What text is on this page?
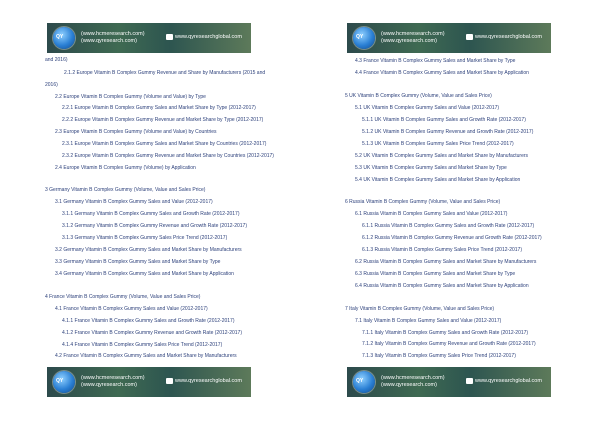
QY	(www.hcmeresearch.com)
(www.qyresearch.com)
www.qyresearchglobal.com
and 2016)
2.1.2 Europe Vitamin B Complex Gummy Revenue and Share by Manufacturers (2015 and
2016)
2.2 Europe Vitamin B Complex Gummy (Volume and Value) by Type
2.2.1 Europe Vitamin B Complex Gummy Sales and Market Share by Type (2012-2017)
2.2.2 Europe Vitamin B Complex Gummy Revenue and Market Share by Type (2012-2017)
2.3 Europe Vitamin B Complex Gummy (Volume and Value) by Countries
2.3.1 Europe Vitamin B Complex Gummy Sales and Market Share by Countries (2012-2017)
2.3.2 Europe Vitamin B Complex Gummy Revenue and Market Share by Countries (2012-2017)
2.4 Europe Vitamin B Complex Gummy (Volume) by Application
3 Germany Vitamin B Complex Gummy (Volume, Value and Sales Price)
3.1 Germany Vitamin B Complex Gummy Sales and Value (2012-2017)
3.1.1 Germany Vitamin B Complex Gummy Sales and Growth Rate (2012-2017)
3.1.2 Germany Vitamin B Complex Gummy Revenue and Growth Rate (2012-2017)
3.1.3 Germany Vitamin B Complex Gummy Sales Price Trend (2012-2017)
3.2 Germany Vitamin B Complex Gummy Sales and Market Share by Manufacturers
3.3 Germany Vitamin B Complex Gummy Sales and Market Share by Type
3.4 Germany Vitamin B Complex Gummy Sales and Market Share by Application
4 France Vitamin B Complex Gummy (Volume, Value and Sales Price)
4.1 France Vitamin B Complex Gummy Sales and Value (2012-2017)
4.1.1 France Vitamin B Complex Gummy Sales and Growth Rate (2012-2017)
4.1.2 France Vitamin B Complex Gummy Revenue and Growth Rate (2012-2017)
4.1.4 France Vitamin B Complex Gummy Sales Price Trend (2012-2017)
4.2 France Vitamin B Complex Gummy Sales and Market Share by Manufacturers
QY	(www.hcmeresearch.com)
(www.qyresearch.com)
www.qyresearchglobal.com
QY	(www.hcmeresearch.com)
(www.qyresearch.com)
www.qyresearchglobal.com
4.3 France Vitamin B Complex Gummy Sales and Market Share by Type
4.4 France Vitamin B Complex Gummy Sales and Market Share by Application
5 UK Vitamin B Complex Gummy (Volume, Value and Sales Price)
5.1 UK Vitamin B Complex Gummy Sales and Value (2012-2017)
5.1.1 UK Vitamin B Complex Gummy Sales and Growth Rate (2012-2017)
5.1.2 UK Vitamin B Complex Gummy Revenue and Growth Rate (2012-2017)
5.1.3 UK Vitamin B Complex Gummy Sales Price Trend (2012-2017)
5.2 UK Vitamin B Complex Gummy Sales and Market Share by Manufacturers
5.3 UK Vitamin B Complex Gummy Sales and Market Share by Type
5.4 UK Vitamin B Complex Gummy Sales and Market Share by Application
6 Russia Vitamin B Complex Gummy (Volume, Value and Sales Price)
6.1 Russia Vitamin B Complex Gummy Sales and Value (2012-2017)
6.1.1 Russia Vitamin B Complex Gummy Sales and Growth Rate (2012-2017)
6.1.2 Russia Vitamin B Complex Gummy Revenue and Growth Rate (2012-2017)
6.1.3 Russia Vitamin B Complex Gummy Sales Price Trend (2012-2017)
6.2 Russia Vitamin B Complex Gummy Sales and Market Share by Manufacturers
6.3 Russia Vitamin B Complex Gummy Sales and Market Share by Type
6.4 Russia Vitamin B Complex Gummy Sales and Market Share by Application
7 Italy Vitamin B Complex Gummy (Volume, Value and Sales Price)
7.1 Italy Vitamin B Complex Gummy Sales and Value (2012-2017)
7.1.1 Italy Vitamin B Complex Gummy Sales and Growth Rate (2012-2017)
7.1.2 Italy Vitamin B Complex Gummy Revenue and Growth Rate (2012-2017)
7.1.3 Italy Vitamin B Complex Gummy Sales Price Trend (2012-2017)
QY	(www.hcmeresearch.com)
(www.qyresearch.com)
www.qyresearchglobal.com
